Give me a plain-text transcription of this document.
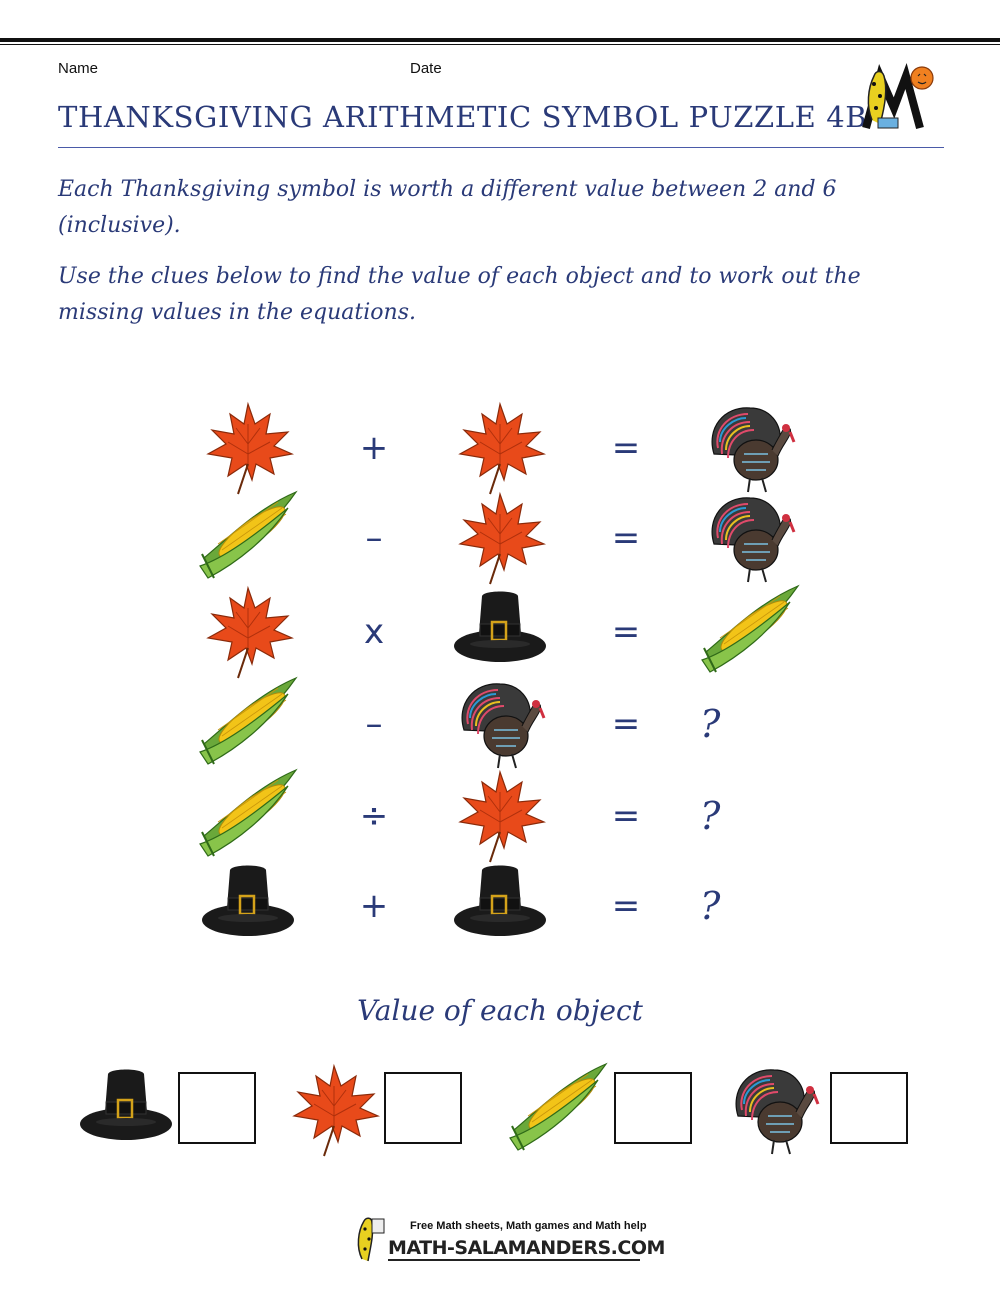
Name	Date
THANKSGIVING ARITHMETIC SYMBOL PUZZLE 4B
Each Thanksgiving symbol is worth a different value between 2 and 6 (inclusive).
Use the clues below to find the value of each object and to work out the missing values in the equations.
+	=
–	=
x	=
–	=	?
÷	=	?
+	=	?
Value of each object
Free Math sheets, Math games and Math help
MATH-SALAMANDERS.COM
